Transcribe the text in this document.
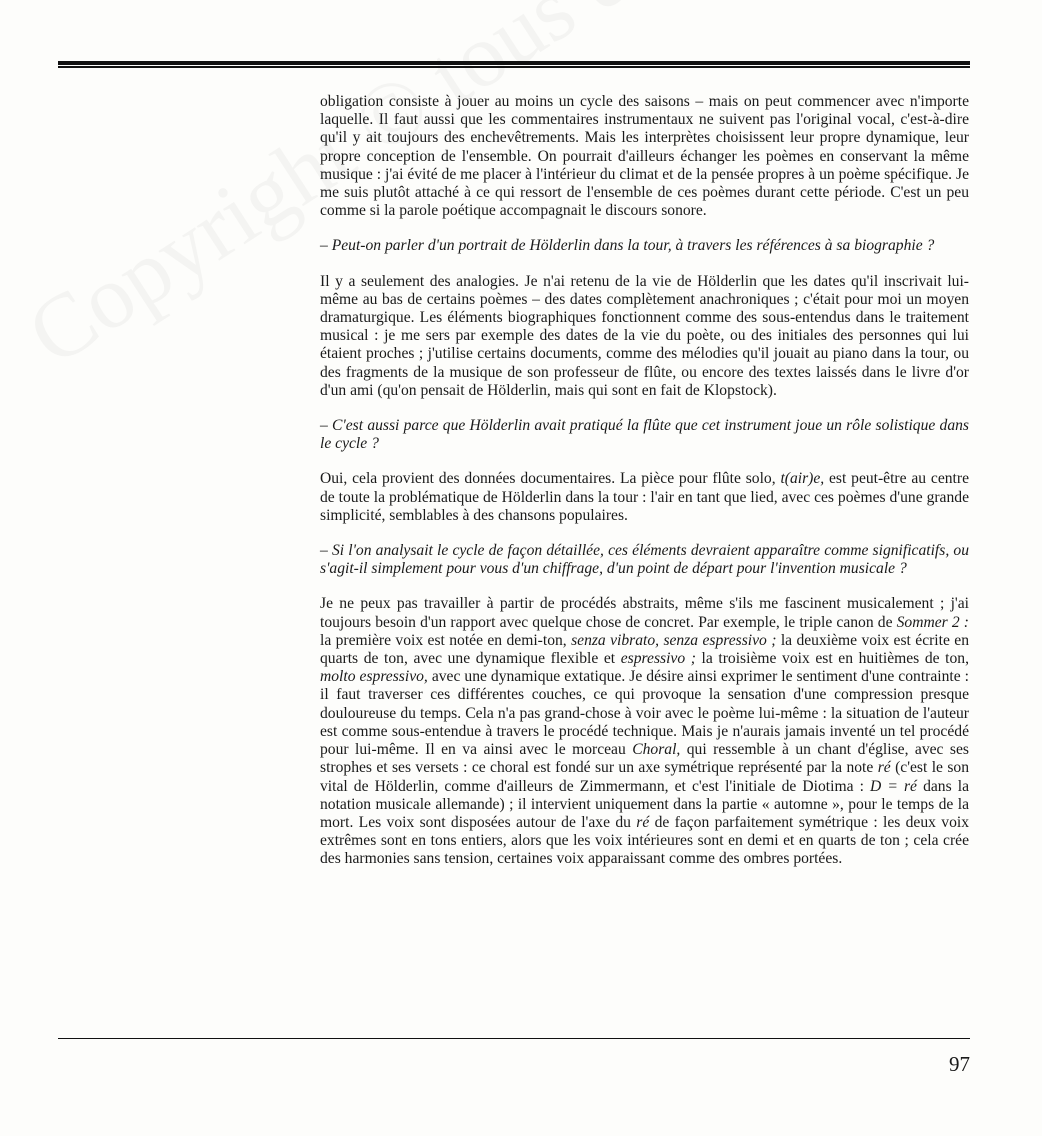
obligation consiste à jouer au moins un cycle des saisons – mais on peut commencer avec n'importe laquelle. Il faut aussi que les commentaires instrumentaux ne suivent pas l'original vocal, c'est-à-dire qu'il y ait toujours des enchevêtrements. Mais les interprètes choisissent leur propre dynamique, leur propre conception de l'ensemble. On pourrait d'ailleurs échanger les poèmes en conservant la même musique : j'ai évité de me placer à l'intérieur du climat et de la pensée propres à un poème spécifique. Je me suis plutôt attaché à ce qui ressort de l'ensemble de ces poèmes durant cette période. C'est un peu comme si la parole poétique accompagnait le discours sonore.

– Peut-on parler d'un portrait de Hölderlin dans la tour, à travers les références à sa biographie ?

Il y a seulement des analogies. Je n'ai retenu de la vie de Hölderlin que les dates qu'il inscrivait lui-même au bas de certains poèmes – des dates complètement anachroniques ; c'était pour moi un moyen dramaturgique. Les éléments biographiques fonctionnent comme des sous-entendus dans le traitement musical : je me sers par exemple des dates de la vie du poète, ou des initiales des personnes qui lui étaient proches ; j'utilise certains documents, comme des mélodies qu'il jouait au piano dans la tour, ou des fragments de la musique de son professeur de flûte, ou encore des textes laissés dans le livre d'or d'un ami (qu'on pensait de Hölderlin, mais qui sont en fait de Klopstock).

– C'est aussi parce que Hölderlin avait pratiqué la flûte que cet instrument joue un rôle solistique dans le cycle ?

Oui, cela provient des données documentaires. La pièce pour flûte solo, t(air)e, est peut-être au centre de toute la problématique de Hölderlin dans la tour : l'air en tant que lied, avec ces poèmes d'une grande simplicité, semblables à des chansons populaires.

– Si l'on analysait le cycle de façon détaillée, ces éléments devraient apparaître comme significatifs, ou s'agit-il simplement pour vous d'un chiffrage, d'un point de départ pour l'invention musicale ?

Je ne peux pas travailler à partir de procédés abstraits, même s'ils me fascinent musicalement ; j'ai toujours besoin d'un rapport avec quelque chose de concret. Par exemple, le triple canon de Sommer 2 : la première voix est notée en demi-ton, senza vibrato, senza espressivo ; la deuxième voix est écrite en quarts de ton, avec une dynamique flexible et espressivo ; la troisième voix est en huitièmes de ton, molto espressivo, avec une dynamique extatique. Je désire ainsi exprimer le sentiment d'une contrainte : il faut traverser ces différentes couches, ce qui provoque la sensation d'une compression presque douloureuse du temps. Cela n'a pas grand-chose à voir avec le poème lui-même : la situation de l'auteur est comme sous-entendue à travers le procédé technique. Mais je n'aurais jamais inventé un tel procédé pour lui-même. Il en va ainsi avec le morceau Choral, qui ressemble à un chant d'église, avec ses strophes et ses versets : ce choral est fondé sur un axe symétrique représenté par la note ré (c'est le son vital de Hölderlin, comme d'ailleurs de Zimmermann, et c'est l'initiale de Diotima : D = ré dans la notation musicale allemande) ; il intervient uniquement dans la partie « automne », pour le temps de la mort. Les voix sont disposées autour de l'axe du ré de façon parfaitement symétrique : les deux voix extrêmes sont en tons entiers, alors que les voix intérieures sont en demi et en quarts de ton ; cela crée des harmonies sans tension, certaines voix apparaissant comme des ombres portées.

97
